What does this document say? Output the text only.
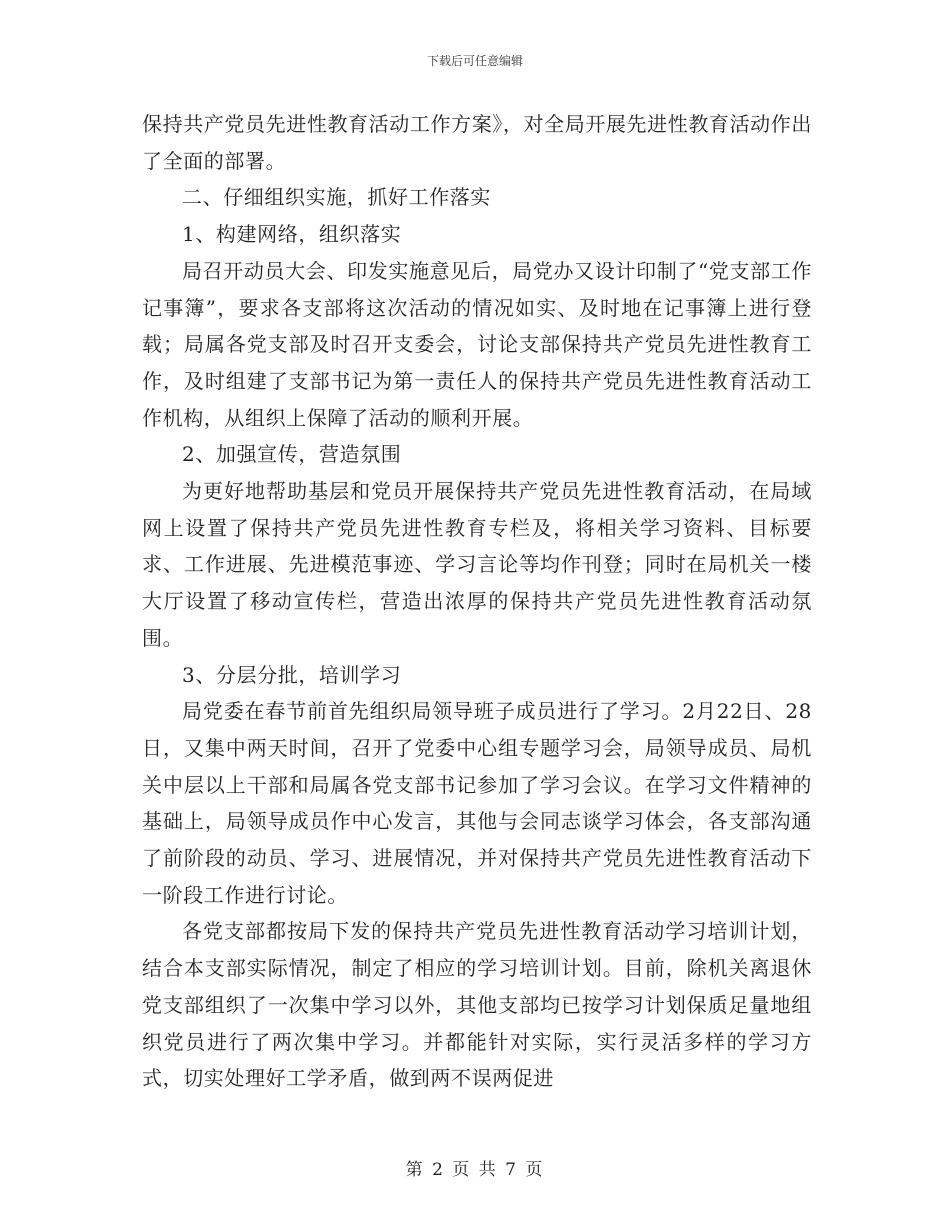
下载后可任意编辑

保持共产党员先进性教育活动工作方案》，对全局开展先进性教育活动作出了全面的部署。

二、仔细组织实施，抓好工作落实

1、构建网络，组织落实

局召开动员大会、印发实施意见后，局党办又设计印制了“党支部工作记事簿”，要求各支部将这次活动的情况如实、及时地在记事簿上进行登载；局属各党支部及时召开支委会，讨论支部保持共产党员先进性教育工作，及时组建了支部书记为第一责任人的保持共产党员先进性教育活动工作机构，从组织上保障了活动的顺利开展。

2、加强宣传，营造氛围

为更好地帮助基层和党员开展保持共产党员先进性教育活动，在局域网上设置了保持共产党员先进性教育专栏及，将相关学习资料、目标要求、工作进展、先进模范事迹、学习言论等均作刊登；同时在局机关一楼大厅设置了移动宣传栏，营造出浓厚的保持共产党员先进性教育活动氛围。

3、分层分批，培训学习

局党委在春节前首先组织局领导班子成员进行了学习。2月22日、28日，又集中两天时间，召开了党委中心组专题学习会，局领导成员、局机关中层以上干部和局属各党支部书记参加了学习会议。在学习文件精神的基础上，局领导成员作中心发言，其他与会同志谈学习体会，各支部沟通了前阶段的动员、学习、进展情况，并对保持共产党员先进性教育活动下一阶段工作进行讨论。

各党支部都按局下发的保持共产党员先进性教育活动学习培训计划，结合本支部实际情况，制定了相应的学习培训计划。目前，除机关离退休党支部组织了一次集中学习以外，其他支部均已按学习计划保质足量地组织党员进行了两次集中学习。并都能针对实际，实行灵活多样的学习方式，切实处理好工学矛盾，做到两不误两促进

第 2 页 共 7 页
